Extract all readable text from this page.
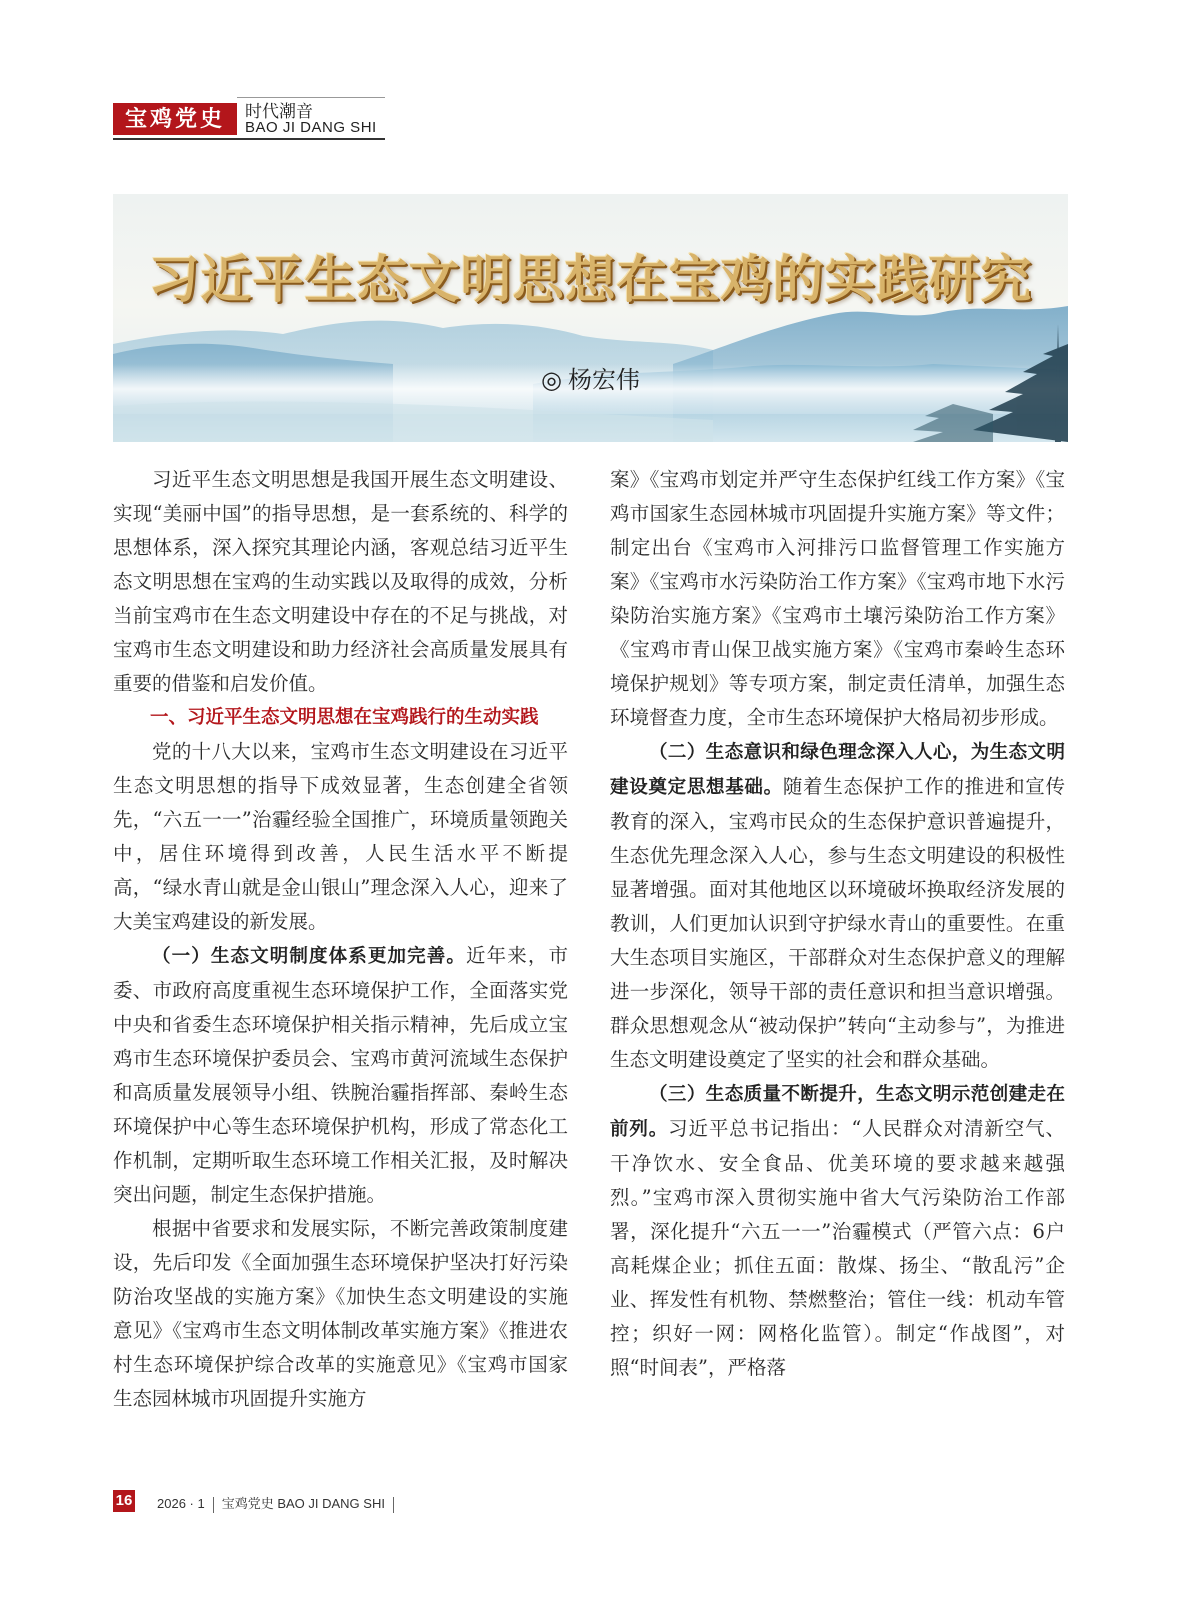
宝鸡党史	时代潮音
BAO JI DANG SHI
习近平生态文明思想在宝鸡的实践研究
◎ 杨宏伟

习近平生态文明思想是我国开展生态文明建设、实现“美丽中国”的指导思想，是一套系统的、科学的思想体系，深入探究其理论内涵，客观总结习近平生态文明思想在宝鸡的生动实践以及取得的成效，分析当前宝鸡市在生态文明建设中存在的不足与挑战，对宝鸡市生态文明建设和助力经济社会高质量发展具有重要的借鉴和启发价值。

一、习近平生态文明思想在宝鸡践行的生动实践

党的十八大以来，宝鸡市生态文明建设在习近平生态文明思想的指导下成效显著，生态创建全省领先，“六五一一”治霾经验全国推广，环境质量领跑关中，居住环境得到改善，人民生活水平不断提高，“绿水青山就是金山银山”理念深入人心，迎来了大美宝鸡建设的新发展。

（一）生态文明制度体系更加完善。近年来，市委、市政府高度重视生态环境保护工作，全面落实党中央和省委生态环境保护相关指示精神，先后成立宝鸡市生态环境保护委员会、宝鸡市黄河流域生态保护和高质量发展领导小组、铁腕治霾指挥部、秦岭生态环境保护中心等生态环境保护机构，形成了常态化工作机制，定期听取生态环境工作相关汇报，及时解决突出问题，制定生态保护措施。

根据中省要求和发展实际，不断完善政策制度建设，先后印发《全面加强生态环境保护坚决打好污染防治攻坚战的实施方案》《加快生态文明建设的实施意见》《宝鸡市生态文明体制改革实施方案》《推进农村生态环境保护综合改革的实施意见》《宝鸡市国家生态园林城市巩固提升实施方

案》《宝鸡市划定并严守生态保护红线工作方案》《宝鸡市国家生态园林城市巩固提升实施方案》等文件；制定出台《宝鸡市入河排污口监督管理工作实施方案》《宝鸡市水污染防治工作方案》《宝鸡市地下水污染防治实施方案》《宝鸡市土壤污染防治工作方案》《宝鸡市青山保卫战实施方案》《宝鸡市秦岭生态环境保护规划》等专项方案，制定责任清单，加强生态环境督查力度，全市生态环境保护大格局初步形成。

（二）生态意识和绿色理念深入人心，为生态文明建设奠定思想基础。随着生态保护工作的推进和宣传教育的深入，宝鸡市民众的生态保护意识普遍提升，生态优先理念深入人心，参与生态文明建设的积极性显著增强。面对其他地区以环境破坏换取经济发展的教训，人们更加认识到守护绿水青山的重要性。在重大生态项目实施区，干部群众对生态保护意义的理解进一步深化，领导干部的责任意识和担当意识增强。群众思想观念从“被动保护”转向“主动参与”，为推进生态文明建设奠定了坚实的社会和群众基础。

（三）生态质量不断提升，生态文明示范创建走在前列。习近平总书记指出：“人民群众对清新空气、干净饮水、安全食品、优美环境的要求越来越强烈。”宝鸡市深入贯彻实施中省大气污染防治工作部署，深化提升“六五一一”治霾模式（严管六点：6户高耗煤企业；抓住五面：散煤、扬尘、“散乱污”企业、挥发性有机物、禁燃整治；管住一线：机动车管控；织好一网：网格化监管）。制定“作战图”，对照“时间表”，严格落

16 2026 · 1 宝鸡党史 BAO JI DANG SHI
